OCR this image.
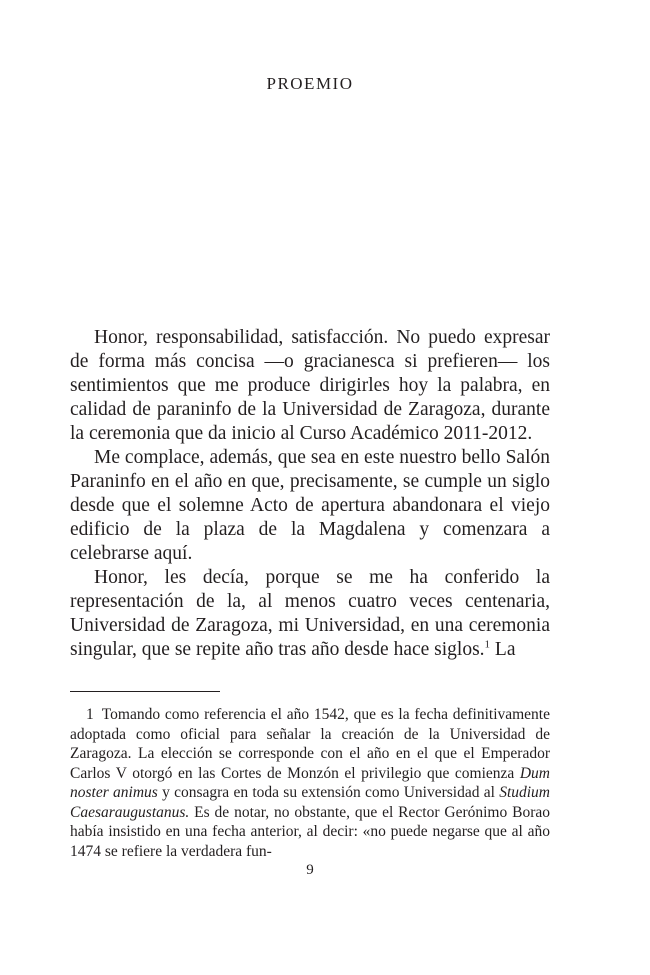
PROEMIO

Honor, responsabilidad, satisfacción. No puedo expresar de forma más concisa —o gracianesca si prefieren— los sentimientos que me produce dirigirles hoy la palabra, en calidad de paraninfo de la Universidad de Zaragoza, durante la ceremonia que da inicio al Curso Académico 2011-2012.

Me complace, además, que sea en este nuestro bello Salón Paraninfo en el año en que, precisamente, se cumple un siglo desde que el solemne Acto de apertura abandonara el viejo edificio de la plaza de la Magdalena y comenzara a celebrarse aquí.

Honor, les decía, porque se me ha conferido la representación de la, al menos cuatro veces centenaria, Universidad de Zaragoza, mi Universidad, en una ceremonia singular, que se repite año tras año desde hace siglos.$^1$ La

1 Tomando como referencia el año 1542, que es la fecha definitivamente adoptada como oficial para señalar la creación de la Universidad de Zaragoza. La elección se corresponde con el año en el que el Emperador Carlos V otorgó en las Cortes de Monzón el privilegio que comienza Dum noster animus y consagra en toda su extensión como Universidad al Studium Caesaraugustanus. Es de notar, no obstante, que el Rector Gerónimo Borao había insistido en una fecha anterior, al decir: «no puede negarse que al año 1474 se refiere la verdadera fun-

9
